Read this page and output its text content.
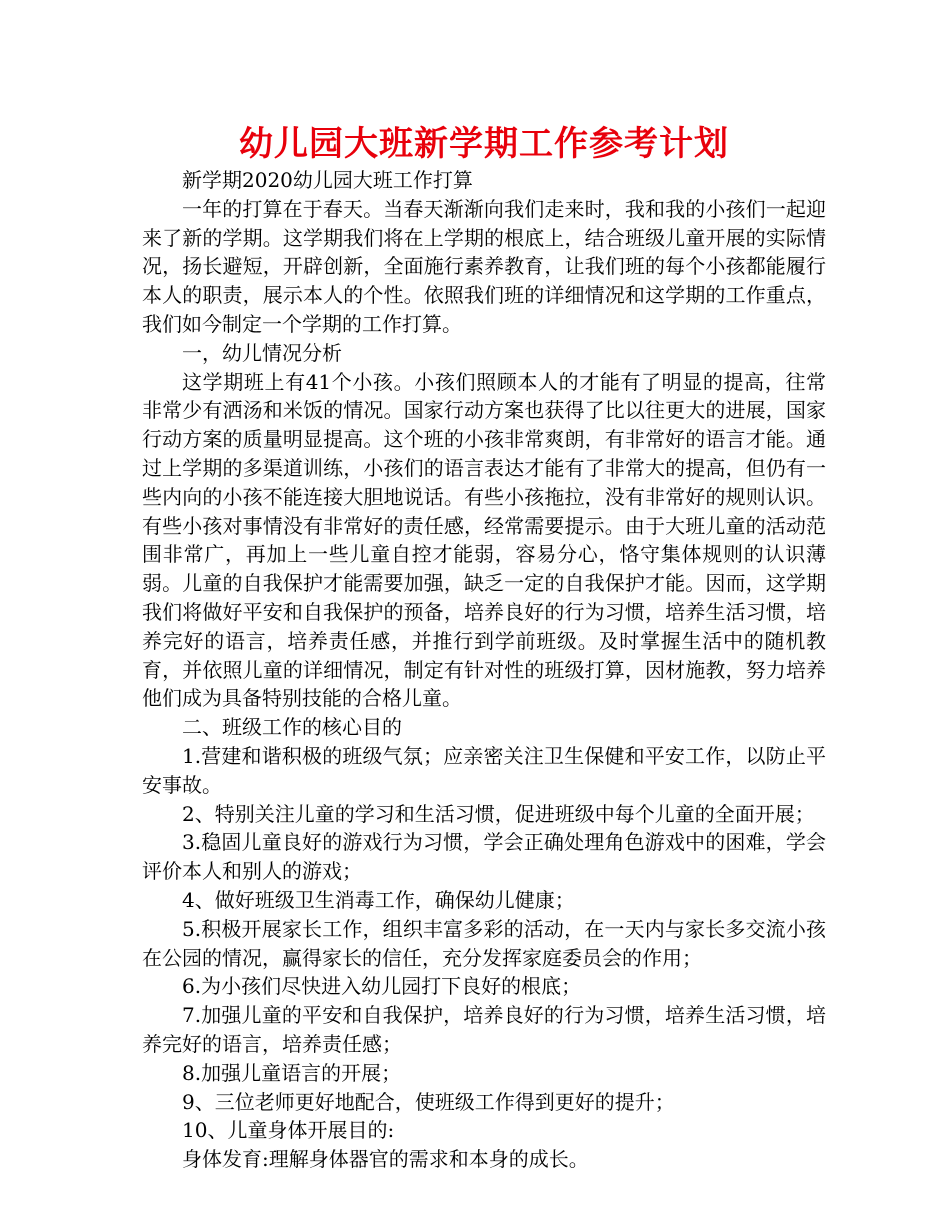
幼儿园大班新学期工作参考计划

新学期2020幼儿园大班工作打算

一年的打算在于春天。当春天渐渐向我们走来时，我和我的小孩们一起迎来了新的学期。这学期我们将在上学期的根底上，结合班级儿童开展的实际情况，扬长避短，开辟创新，全面施行素养教育，让我们班的每个小孩都能履行本人的职责，展示本人的个性。依照我们班的详细情况和这学期的工作重点，我们如今制定一个学期的工作打算。

一，幼儿情况分析

这学期班上有41个小孩。小孩们照顾本人的才能有了明显的提高，往常非常少有洒汤和米饭的情况。国家行动方案也获得了比以往更大的进展，国家行动方案的质量明显提高。这个班的小孩非常爽朗，有非常好的语言才能。通过上学期的多渠道训练，小孩们的语言表达才能有了非常大的提高，但仍有一些内向的小孩不能连接大胆地说话。有些小孩拖拉，没有非常好的规则认识。有些小孩对事情没有非常好的责任感，经常需要提示。由于大班儿童的活动范围非常广，再加上一些儿童自控才能弱，容易分心，恪守集体规则的认识薄弱。儿童的自我保护才能需要加强，缺乏一定的自我保护才能。因而，这学期我们将做好平安和自我保护的预备，培养良好的行为习惯，培养生活习惯，培养完好的语言，培养责任感，并推行到学前班级。及时掌握生活中的随机教育，并依照儿童的详细情况，制定有针对性的班级打算，因材施教，努力培养他们成为具备特别技能的合格儿童。

二、班级工作的核心目的

1.营建和谐积极的班级气氛；应亲密关注卫生保健和平安工作，以防止平安事故。

2、特别关注儿童的学习和生活习惯，促进班级中每个儿童的全面开展；

3.稳固儿童良好的游戏行为习惯，学会正确处理角色游戏中的困难，学会评价本人和别人的游戏；

4、做好班级卫生消毒工作，确保幼儿健康；

5.积极开展家长工作，组织丰富多彩的活动，在一天内与家长多交流小孩在公园的情况，赢得家长的信任，充分发挥家庭委员会的作用；

6.为小孩们尽快进入幼儿园打下良好的根底；

7.加强儿童的平安和自我保护，培养良好的行为习惯，培养生活习惯，培养完好的语言，培养责任感；

8.加强儿童语言的开展；

9、三位老师更好地配合，使班级工作得到更好的提升；

10、儿童身体开展目的:

身体发育:理解身体器官的需求和本身的成长。
